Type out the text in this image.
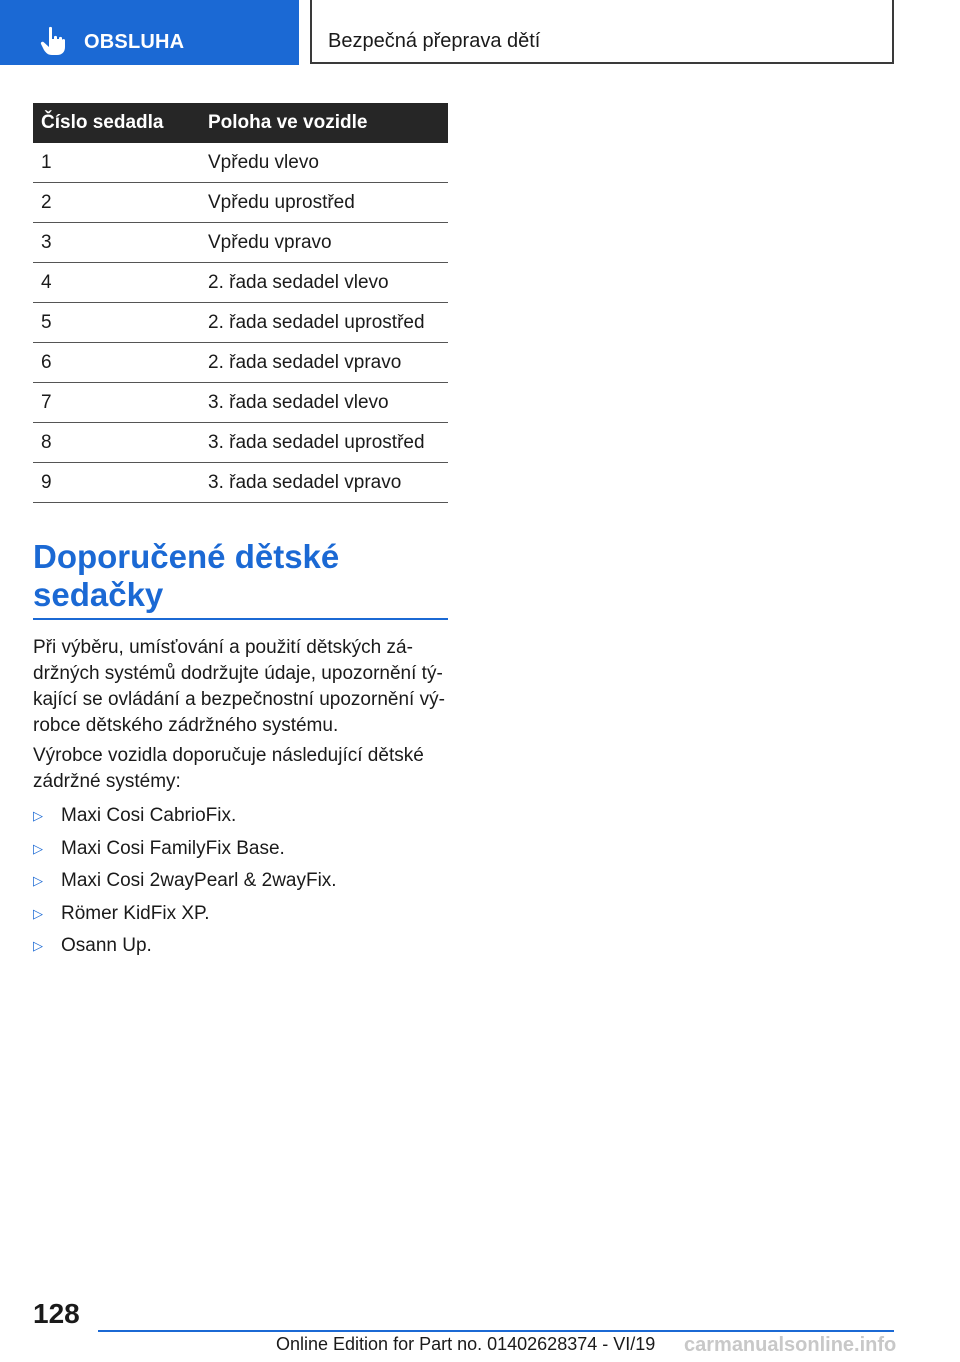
OBSLUHA	Bezpečná přeprava dětí
Číslo sedadla	Poloha ve vozidle
1	Vpředu vlevo
2	Vpředu uprostřed
3	Vpředu vpravo
4	2. řada sedadel vlevo
5	2. řada sedadel uprostřed
6	2. řada sedadel vpravo
7	3. řada sedadel vlevo
8	3. řada sedadel uprostřed
9	3. řada sedadel vpravo
Doporučené dětské
sedačky

Při výběru, umísťování a použití dětských zá- držných systémů dodržujte údaje, upozornění tý- kající se ovládání a bezpečnostní upozornění vý- robce dětského zádržného systému.

Výrobce vozidla doporučuje následující dětské zádržné systémy:

▷ Maxi Cosi CabrioFix.
▷ Maxi Cosi FamilyFix Base.
▷ Maxi Cosi 2wayPearl & 2wayFix.
▷ Römer KidFix XP.
▷ Osann Up.
128
Online Edition for Part no. 01402628374 - VI/19 carmanualsonline.info
